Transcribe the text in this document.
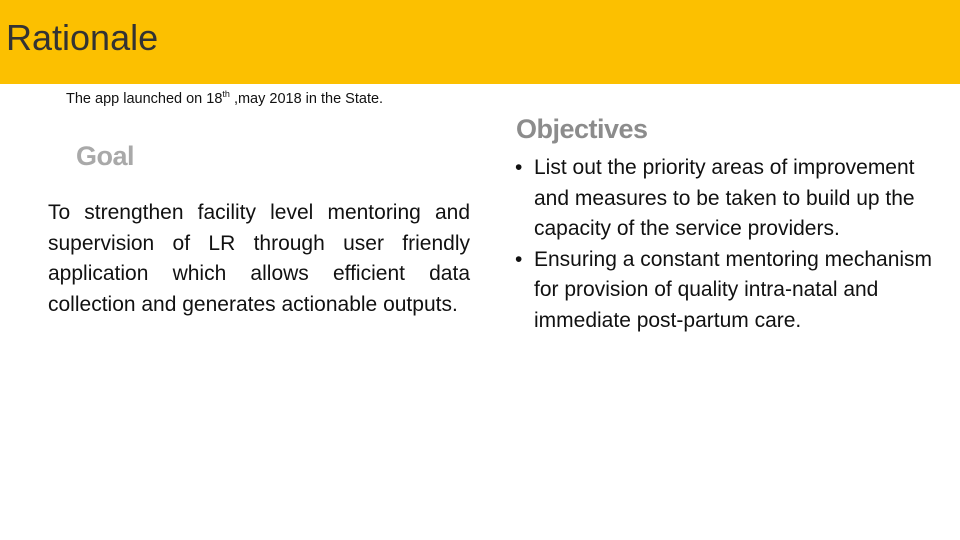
Rationale
The app launched on 18th ,may 2018 in the State.
Goal

To strengthen facility level mentoring and supervision of LR through user friendly application which allows efficient data collection and generates actionable outputs.

Objectives
• List out the priority areas of improvement and measures to be taken to build up the capacity of the service providers.
• Ensuring a constant mentoring mechanism for provision of quality intra-natal and immediate post-partum care.
